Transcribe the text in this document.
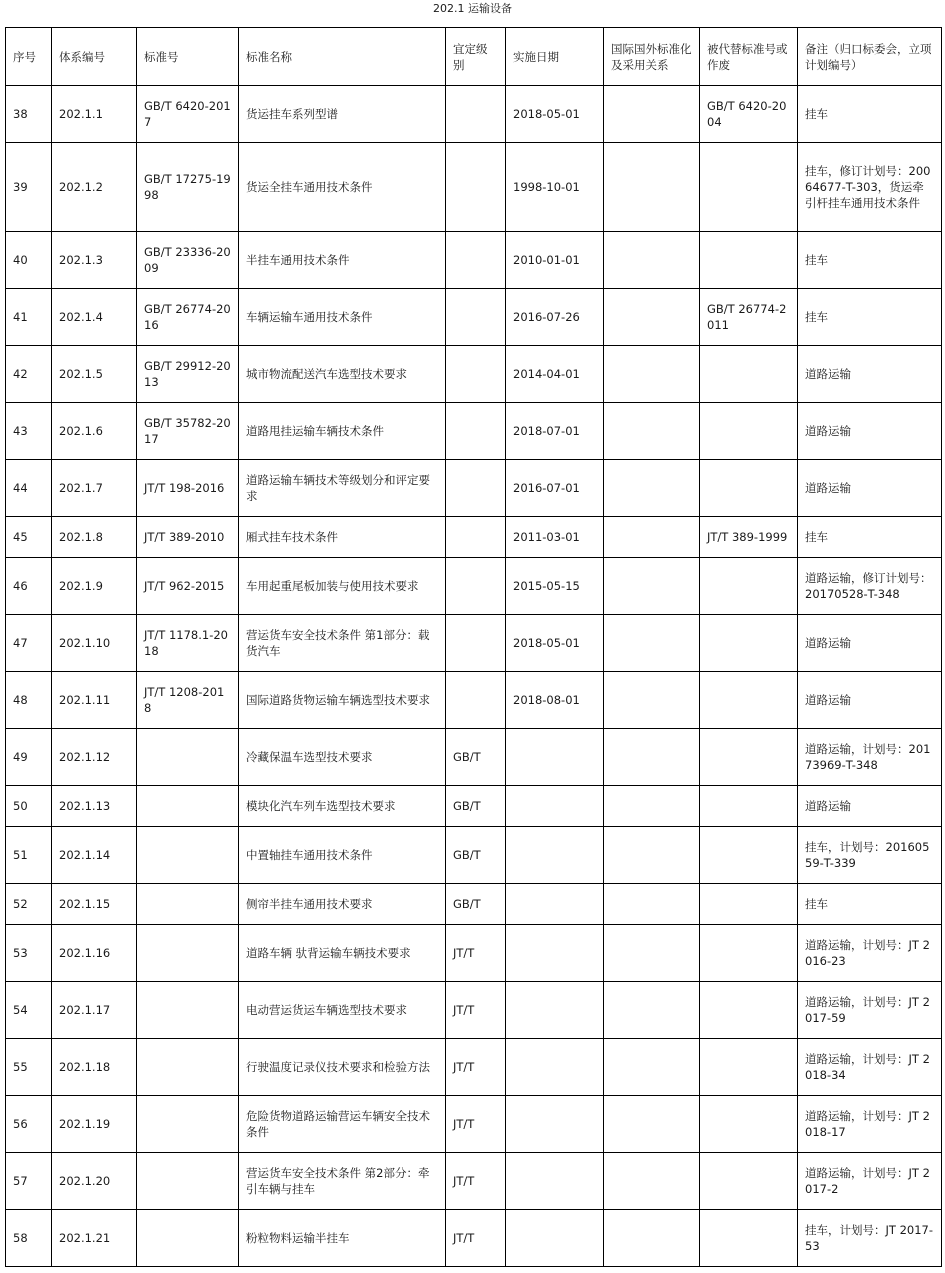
202.1 运输设备
序号	体系编号	标准号	标准名称	宜定级别	实施日期	国际国外标准化及采用关系	被代替标准号或作废	备注（归口标委会，立项计划编号）
38	202.1.1	GB/T 6420-2017	货运挂车系列型谱		2018-05-01		GB/T 6420-2004	挂车
39	202.1.2	GB/T 17275-1998	货运全挂车通用技术条件		1998-10-01			挂车，修订计划号：20064677-T-303，货运牵引杆挂车通用技术条件
40	202.1.3	GB/T 23336-2009	半挂车通用技术条件		2010-01-01			挂车
41	202.1.4	GB/T 26774-2016	车辆运输车通用技术条件		2016-07-26		GB/T 26774-2011	挂车
42	202.1.5	GB/T 29912-2013	城市物流配送汽车选型技术要求		2014-04-01			道路运输
43	202.1.6	GB/T 35782-2017	道路甩挂运输车辆技术条件		2018-07-01			道路运输
44	202.1.7	JT/T 198-2016	道路运输车辆技术等级划分和评定要求		2016-07-01			道路运输
45	202.1.8	JT/T 389-2010	厢式挂车技术条件		2011-03-01		JT/T 389-1999	挂车
46	202.1.9	JT/T 962-2015	车用起重尾板加装与使用技术要求		2015-05-15			道路运输，修订计划号：20170528-T-348
47	202.1.10	JT/T 1178.1-2018	营运货车安全技术条件 第1部分：载货汽车		2018-05-01			道路运输
48	202.1.11	JT/T 1208-2018	国际道路货物运输车辆选型技术要求		2018-08-01			道路运输
49	202.1.12		冷藏保温车选型技术要求	GB/T				道路运输，计划号：20173969-T-348
50	202.1.13		模块化汽车列车选型技术要求	GB/T				道路运输
51	202.1.14		中置轴挂车通用技术条件	GB/T				挂车，计划号：20160559-T-339
52	202.1.15		侧帘半挂车通用技术要求	GB/T				挂车
53	202.1.16		道路车辆 驮背运输车辆技术要求	JT/T				道路运输，计划号：JT 2016-23
54	202.1.17		电动营运货运车辆选型技术要求	JT/T				道路运输，计划号：JT 2017-59
55	202.1.18		行驶温度记录仪技术要求和检验方法	JT/T				道路运输，计划号：JT 2018-34
56	202.1.19		危险货物道路运输营运车辆安全技术条件	JT/T				道路运输，计划号：JT 2018-17
57	202.1.20		营运货车安全技术条件 第2部分：牵引车辆与挂车	JT/T				道路运输，计划号：JT 2017-2
58	202.1.21		粉粒物料运输半挂车	JT/T				挂车，计划号：JT 2017-53
